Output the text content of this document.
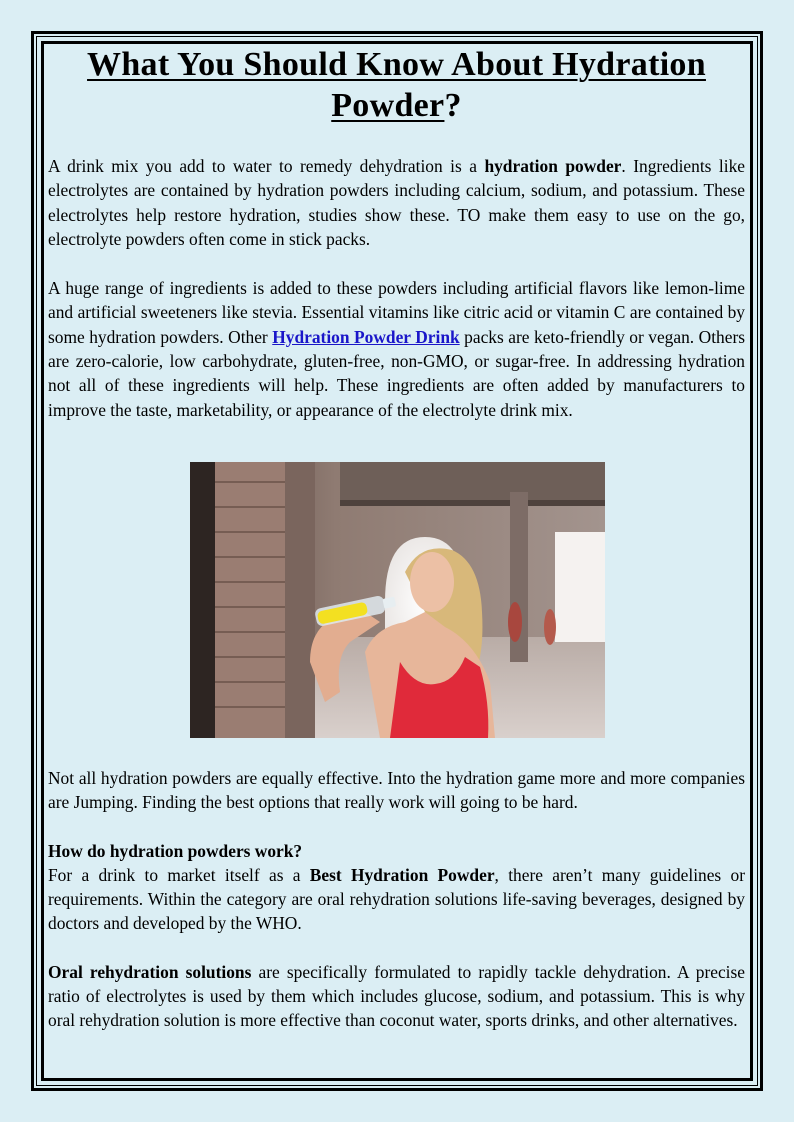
What You Should Know About Hydration
Powder?

A drink mix you add to water to remedy dehydration is a hydration powder. Ingredients like electrolytes are contained by hydration powders including calcium, sodium, and potassium. These electrolytes help restore hydration, studies show these. TO make them easy to use on the go, electrolyte powders often come in stick packs.

A huge range of ingredients is added to these powders including artificial flavors like lemon-lime and artificial sweeteners like stevia. Essential vitamins like citric acid or vitamin C are contained by some hydration powders. Other Hydration Powder Drink packs are keto-friendly or vegan. Others are zero-calorie, low carbohydrate, gluten-free, non-GMO, or sugar-free. In addressing hydration not all of these ingredients will help. These ingredients are often added by manufacturers to improve the taste, marketability, or appearance of the electrolyte drink mix.

Not all hydration powders are equally effective. Into the hydration game more and more companies are Jumping. Finding the best options that really work will going to be hard.

How do hydration powders work?

For a drink to market itself as a Best Hydration Powder, there aren’t many guidelines or requirements. Within the category are oral rehydration solutions life-saving beverages, designed by doctors and developed by the WHO.

Oral rehydration solutions are specifically formulated to rapidly tackle dehydration. A precise ratio of electrolytes is used by them which includes glucose, sodium, and potassium. This is why oral rehydration solution is more effective than coconut water, sports drinks, and other alternatives.
